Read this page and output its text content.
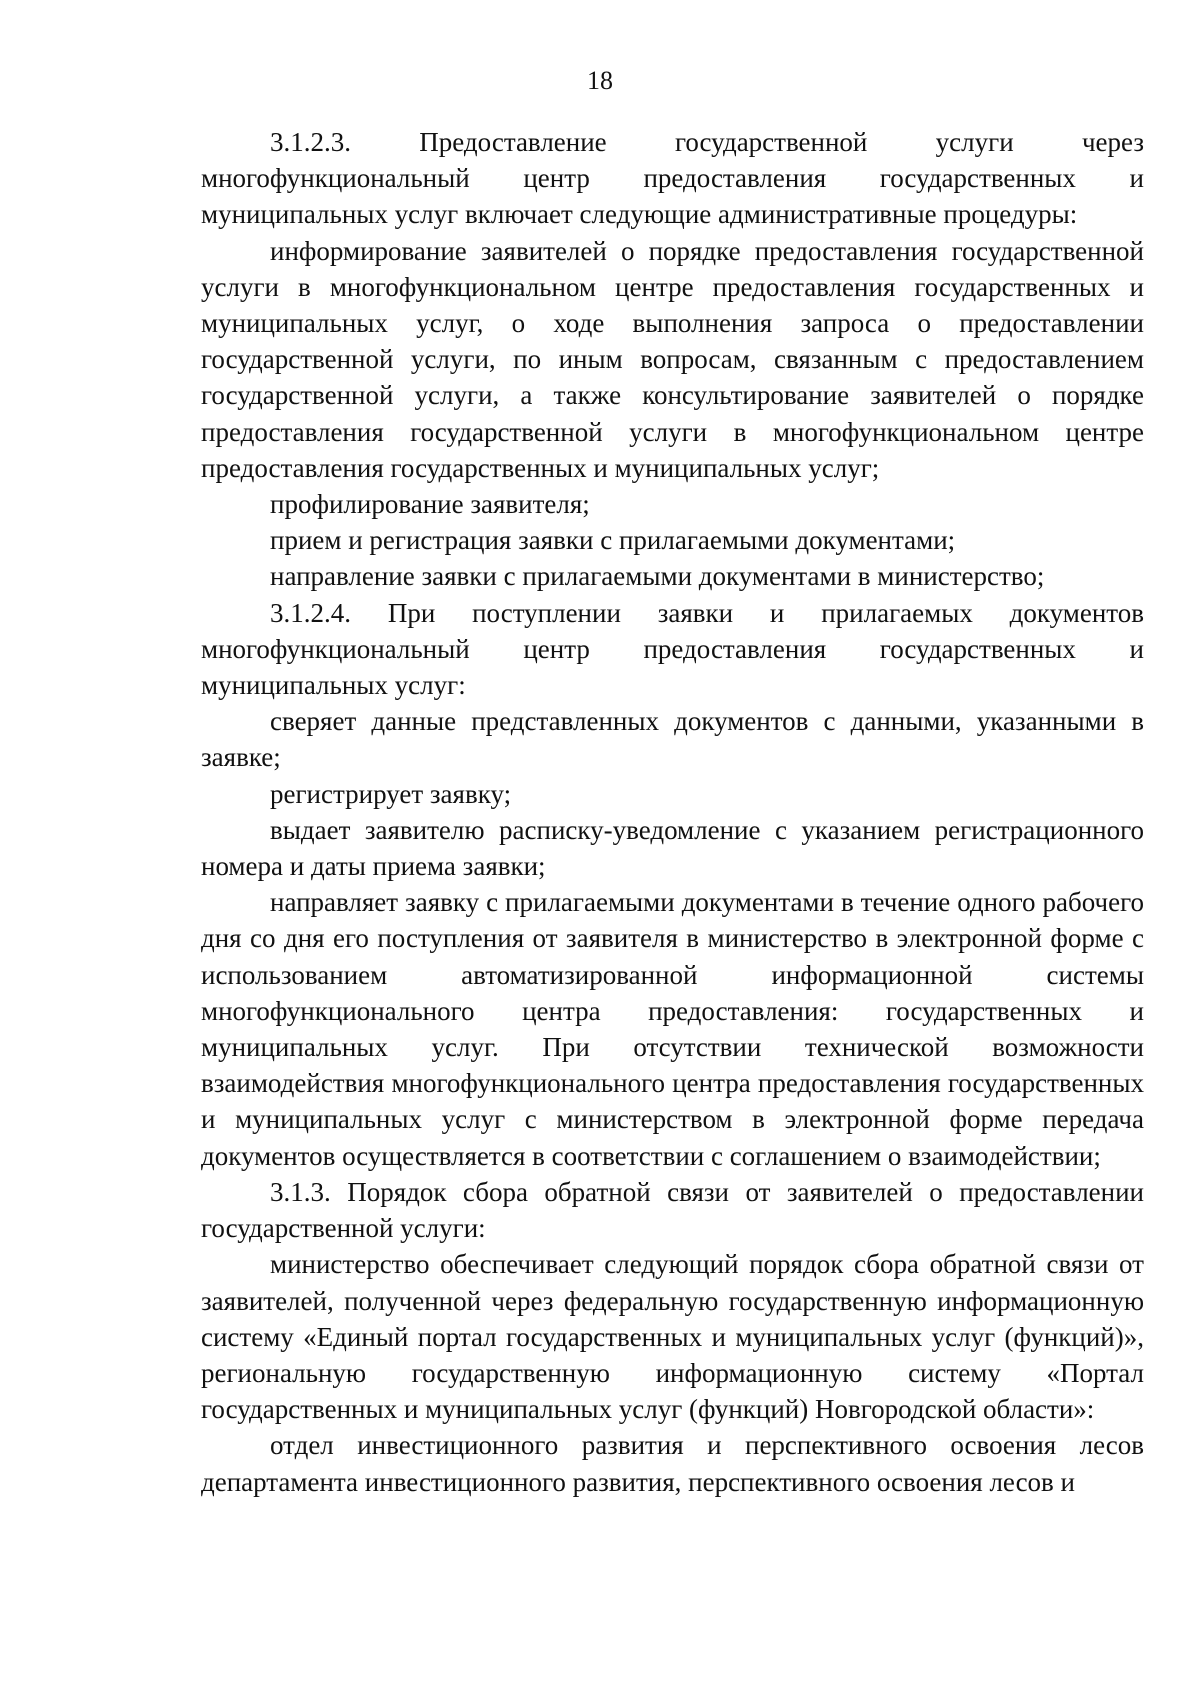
18

3.1.2.3. Предоставление государственной услуги через многофункциональный центр предоставления государственных и муниципальных услуг включает следующие административные процедуры:

информирование заявителей о порядке предоставления государственной услуги в многофункциональном центре предоставления государственных и муниципальных услуг, о ходе выполнения запроса о предоставлении государственной услуги, по иным вопросам, связанным с предоставлением государственной услуги, а также консультирование заявителей о порядке предоставления государственной услуги в многофункциональном центре предоставления государственных и муниципальных услуг;

профилирование заявителя;

прием и регистрация заявки с прилагаемыми документами;

направление заявки с прилагаемыми документами в министерство;

3.1.2.4. При поступлении заявки и прилагаемых документов многофункциональный центр предоставления государственных и муниципальных услуг:

сверяет данные представленных документов с данными, указанными в заявке;

регистрирует заявку;

выдает заявителю расписку-уведомление с указанием регистрационного номера и даты приема заявки;

направляет заявку с прилагаемыми документами в течение одного рабочего дня со дня его поступления от заявителя в министерство в электронной форме с использованием автоматизированной информационной системы многофункционального центра предоставления: государственных и муниципальных услуг. При отсутствии технической возможности взаимодействия многофункционального центра предоставления государственных и муниципальных услуг с министерством в электронной форме передача документов осуществляется в соответствии с соглашением о взаимодействии;

3.1.3. Порядок сбора обратной связи от заявителей о предоставлении государственной услуги:

министерство обеспечивает следующий порядок сбора обратной связи от заявителей, полученной через федеральную государственную информационную систему «Единый портал государственных и муниципальных услуг (функций)», региональную государственную информационную систему «Портал государственных и муниципальных услуг (функций) Новгородской области»:

отдел инвестиционного развития и перспективного освоения лесов департамента инвестиционного развития, перспективного освоения лесов и
